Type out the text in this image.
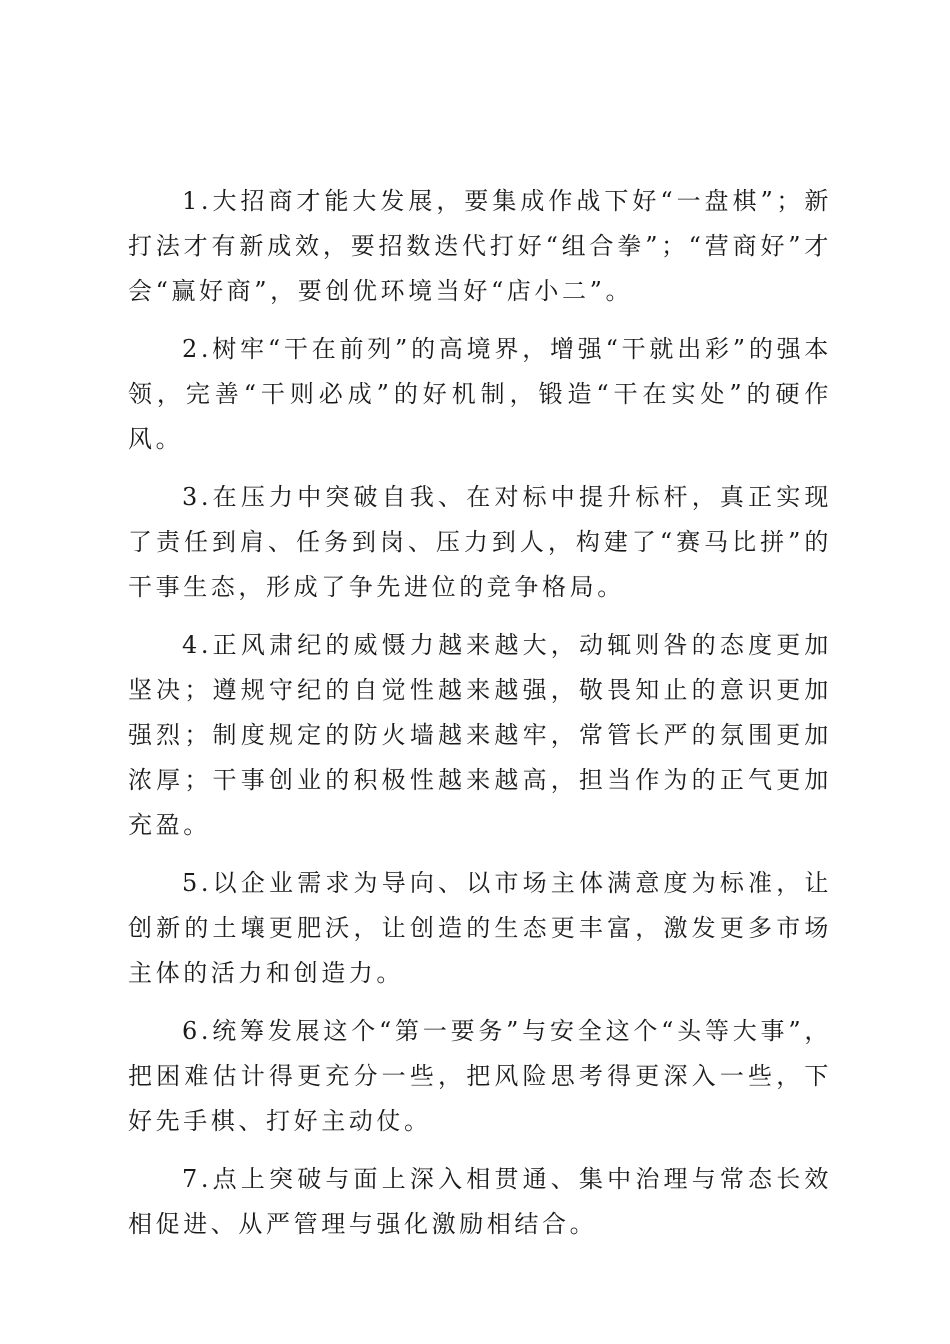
1.大招商才能大发展，要集成作战下好“一盘棋”；新打法才有新成效，要招数迭代打好“组合拳”；“营商好”才会“赢好商”，要创优环境当好“店小二”。

2.树牢“干在前列”的高境界，增强“干就出彩”的强本领，完善“干则必成”的好机制，锻造“干在实处”的硬作风。

3.在压力中突破自我、在对标中提升标杆，真正实现了责任到肩、任务到岗、压力到人，构建了“赛马比拼”的干事生态，形成了争先进位的竞争格局。

4.正风肃纪的威慑力越来越大，动辄则咎的态度更加坚决；遵规守纪的自觉性越来越强，敬畏知止的意识更加强烈；制度规定的防火墙越来越牢，常管长严的氛围更加浓厚；干事创业的积极性越来越高，担当作为的正气更加充盈。

5.以企业需求为导向、以市场主体满意度为标准，让创新的土壤更肥沃，让创造的生态更丰富，激发更多市场主体的活力和创造力。

6.统筹发展这个“第一要务”与安全这个“头等大事”，把困难估计得更充分一些，把风险思考得更深入一些，下好先手棋、打好主动仗。

7.点上突破与面上深入相贯通、集中治理与常态长效相促进、从严管理与强化激励相结合。
